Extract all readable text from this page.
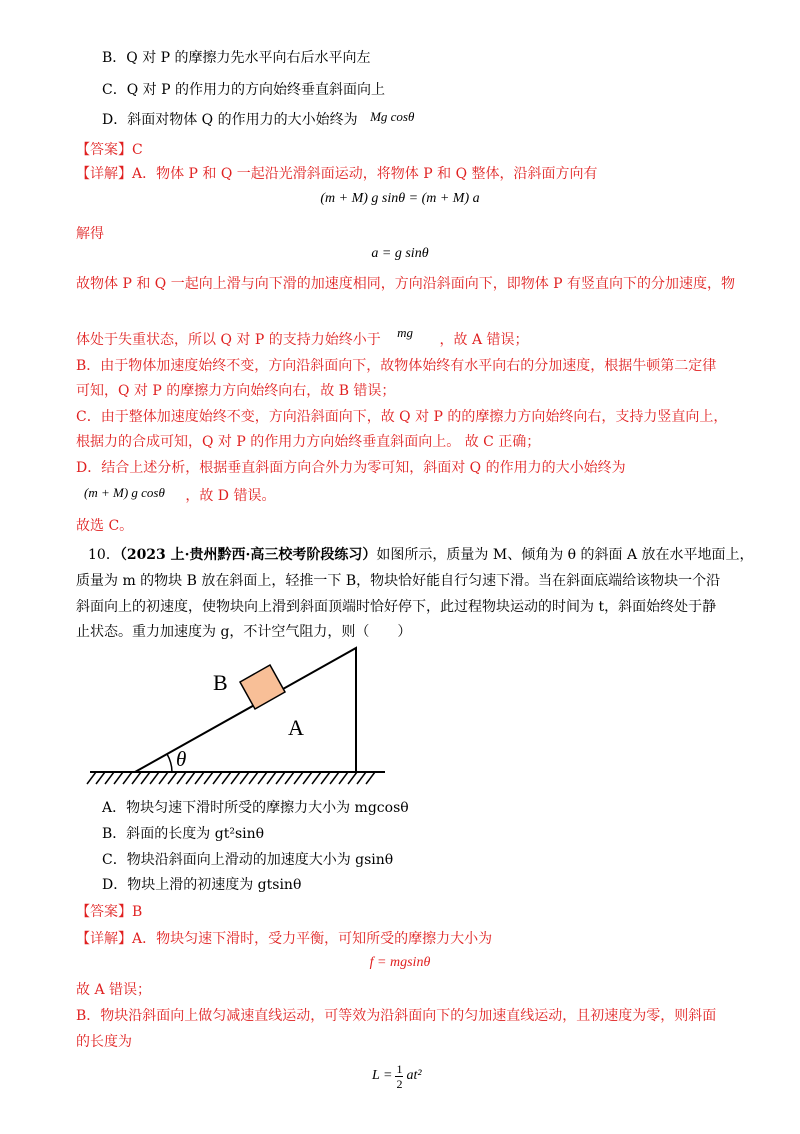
B．Q 对 P 的摩擦力先水平向右后水平向左
C．Q 对 P 的作用力的方向始终垂直斜面向上
D．斜面对物体 Q 的作用力的大小始终为 Mg cosθ
【答案】C
【详解】A．物体 P 和 Q 一起沿光滑斜面运动，将物体 P 和 Q 整体，沿斜面方向有
(m + M) g sinθ = (m + M) a
解得
a = g sinθ
故物体 P 和 Q 一起向上滑与向下滑的加速度相同，方向沿斜面向下，即物体 P 有竖直向下的分加速度，物
体处于失重状态，所以 Q 对 P 的支持力始终小于 mg ，故 A 错误；
B．由于物体加速度始终不变，方向沿斜面向下，故物体始终有水平向右的分加速度，根据牛顿第二定律
可知，Q 对 P 的摩擦力方向始终向右，故 B 错误；
C．由于整体加速度始终不变，方向沿斜面向下，故 Q 对 P 的的摩擦力方向始终向右，支持力竖直向上，
根据力的合成可知，Q 对 P 的作用力方向始终垂直斜面向上。 故 C 正确；
D．结合上述分析，根据垂直斜面方向合外力为零可知，斜面对 Q 的作用力的大小始终为
(m + M) g cosθ ，故 D 错误。
故选 C。
10．（2023 上·贵州黔西·高三校考阶段练习）如图所示，质量为 M、倾角为 θ 的斜面 A 放在水平地面上，
质量为 m 的物块 B 放在斜面上，轻推一下 B，物块恰好能自行匀速下滑。当在斜面底端给该物块一个沿
斜面向上的初速度，使物块向上滑到斜面顶端时恰好停下，此过程物块运动的时间为 t，斜面始终处于静
止状态。重力加速度为 g，不计空气阻力，则（　　）
B
A
θ
A．物块匀速下滑时所受的摩擦力大小为 mgcosθ
B．斜面的长度为 gt²sinθ
C．物块沿斜面向上滑动的加速度大小为 gsinθ
D．物块上滑的初速度为 gtsinθ
【答案】B
【详解】A．物块匀速下滑时，受力平衡，可知所受的摩擦力大小为
f = mgsinθ
故 A 错误；
B．物块沿斜面向上做匀减速直线运动，可等效为沿斜面向下的匀加速直线运动，且初速度为零，则斜面
的长度为
$L = \frac{1}{2} at^2$
